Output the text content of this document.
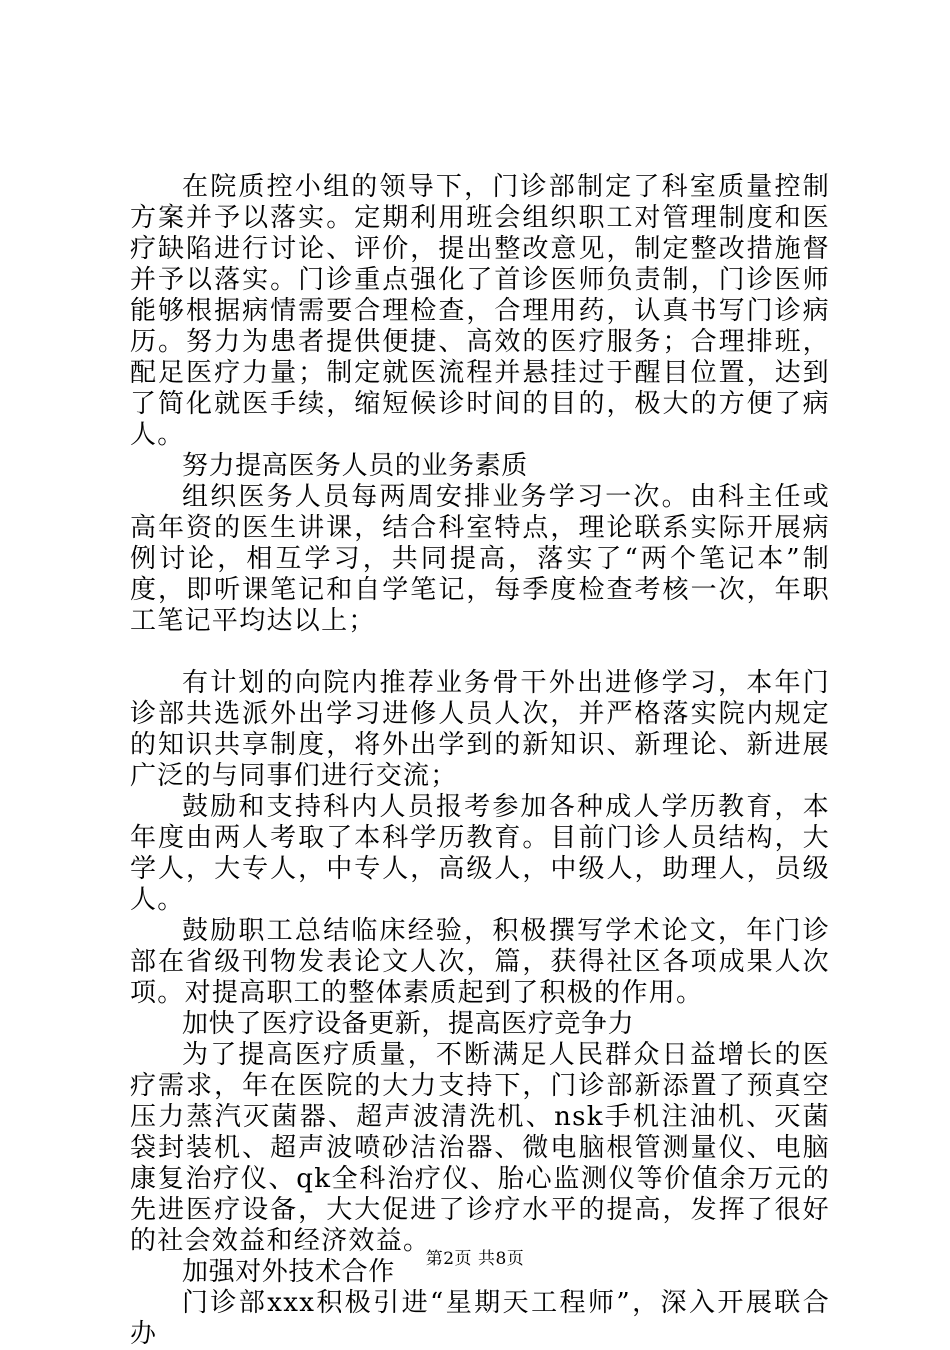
在院质控小组的领导下，门诊部制定了科室质量控制方案并予以落实。定期利用班会组织职工对管理制度和医疗缺陷进行讨论、评价，提出整改意见，制定整改措施督并予以落实。门诊重点强化了首诊医师负责制，门诊医师能够根据病情需要合理检查，合理用药，认真书写门诊病历。努力为患者提供便捷、高效的医疗服务；合理排班，配足医疗力量；制定就医流程并悬挂过于醒目位置，达到了简化就医手续，缩短候诊时间的目的，极大的方便了病人。

努力提高医务人员的业务素质

组织医务人员每两周安排业务学习一次。由科主任或高年资的医生讲课，结合科室特点，理论联系实际开展病例讨论，相互学习，共同提高，落实了“两个笔记本”制度，即听课笔记和自学笔记，每季度检查考核一次，年职工笔记平均达以上；

有计划的向院内推荐业务骨干外出进修学习，本年门诊部共选派外出学习进修人员人次，并严格落实院内规定的知识共享制度，将外出学到的新知识、新理论、新进展广泛的与同事们进行交流；

鼓励和支持科内人员报考参加各种成人学历教育，本年度由两人考取了本科学历教育。目前门诊人员结构，大学人，大专人，中专人，高级人，中级人，助理人，员级人。

鼓励职工总结临床经验，积极撰写学术论文，年门诊部在省级刊物发表论文人次，篇，获得社区各项成果人次项。对提高职工的整体素质起到了积极的作用。

加快了医疗设备更新，提高医疗竞争力

为了提高医疗质量，不断满足人民群众日益增长的医疗需求，年在医院的大力支持下，门诊部新添置了预真空压力蒸汽灭菌器、超声波清洗机、nsk手机注油机、灭菌袋封装机、超声波喷砂洁治器、微电脑根管测量仪、电脑康复治疗仪、qk全科治疗仪、胎心监测仪等价值余万元的先进医疗设备，大大促进了诊疗水平的提高，发挥了很好的社会效益和经济效益。

加强对外技术合作

门诊部xxx积极引进“星期天工程师”，深入开展联合办

第2页 共8页
